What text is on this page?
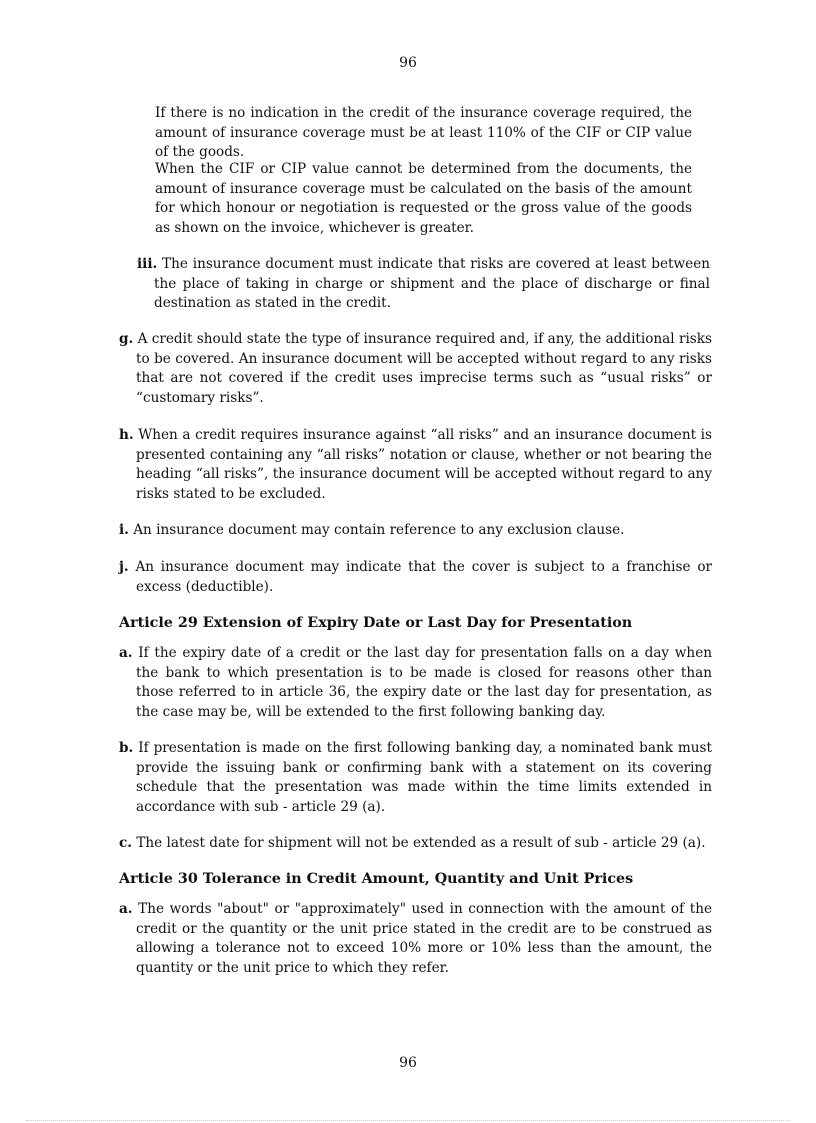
96
If there is no indication in the credit of the insurance coverage required, the amount of insurance coverage must be at least 110% of the CIF or CIP value of the goods.
When the CIF or CIP value cannot be determined from the documents, the amount of insurance coverage must be calculated on the basis of the amount for which honour or negotiation is requested or the gross value of the goods as shown on the invoice, whichever is greater.
iii. The insurance document must indicate that risks are covered at least between the place of taking in charge or shipment and the place of discharge or final destination as stated in the credit.
g. A credit should state the type of insurance required and, if any, the additional risks to be covered. An insurance document will be accepted without regard to any risks that are not covered if the credit uses imprecise terms such as “usual risks” or “customary risks”.
h. When a credit requires insurance against “all risks” and an insurance document is presented containing any “all risks” notation or clause, whether or not bearing the heading “all risks”, the insurance document will be accepted without regard to any risks stated to be excluded.
i. An insurance document may contain reference to any exclusion clause.
j. An insurance document may indicate that the cover is subject to a franchise or excess (deductible).
Article 29 Extension of Expiry Date or Last Day for Presentation
a. If the expiry date of a credit or the last day for presentation falls on a day when the bank to which presentation is to be made is closed for reasons other than those referred to in article 36, the expiry date or the last day for presentation, as the case may be, will be extended to the first following banking day.
b. If presentation is made on the first following banking day, a nominated bank must provide the issuing bank or confirming bank with a statement on its covering schedule that the presentation was made within the time limits extended in accordance with sub - article 29 (a).
c. The latest date for shipment will not be extended as a result of sub - article 29 (a).
Article 30 Tolerance in Credit Amount, Quantity and Unit Prices
a. The words "about" or "approximately" used in connection with the amount of the credit or the quantity or the unit price stated in the credit are to be construed as allowing a tolerance not to exceed 10% more or 10% less than the amount, the quantity or the unit price to which they refer.
96
